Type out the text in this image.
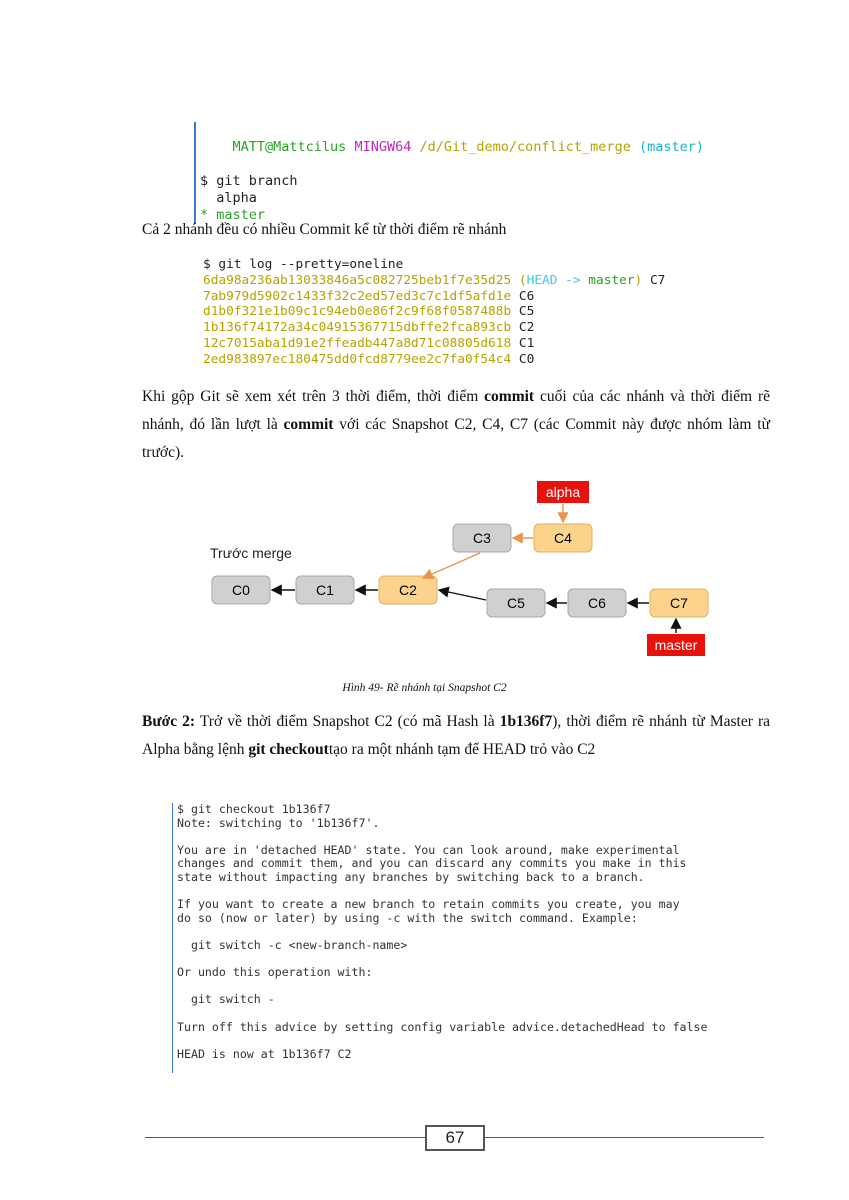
MATT@Mattcilus MINGW64 /d/Git_demo/conflict_merge (master)

$ git branch
alpha
* master
Cả 2 nhánh đều có nhiều Commit kể từ thời điểm rẽ nhánh
$ git log --pretty=oneline
6da98a236ab13033846a5c082725beb1f7e35d25 (HEAD -> master) C7
7ab979d5902c1433f32c2ed57ed3c7c1df5afd1e C6
d1b0f321e1b09c1c94eb0e86f2c9f68f0587488b C5
1b136f74172a34c04915367715dbffe2fca893cb C2
12c7015aba1d91e2ffeadb447a8d71c08805d618 C1
2ed983897ec180475dd0fcd8779ee2c7fa0f54c4 C0
Khi gộp Git sẽ xem xét trên 3 thời điểm, thời điểm commit cuối của các nhánh và thời điểm rẽ nhánh, đó lần lượt là commit với các Snapshot C2, C4, C7 (các Commit này được nhóm làm từ trước).
Trước merge
C0	C1	C2
C3	C4
C5	C6	C7
alpha
master
Hình 49- Rẽ nhánh tại Snapshot C2
Bước 2: Trở về thời điểm Snapshot C2 (có mã Hash là 1b136f7), thời điểm rẽ nhánh từ Master ra Alpha bằng lệnh git checkouttạo ra một nhánh tạm để HEAD trỏ vào C2
$ git checkout 1b136f7
Note: switching to '1b136f7'.
You are in 'detached HEAD' state. You can look around, make experimental
changes and commit them, and you can discard any commits you make in this
state without impacting any branches by switching back to a branch.
If you want to create a new branch to retain commits you create, you may
do so (now or later) by using -c with the switch command. Example:
git switch -c <new-branch-name>
Or undo this operation with:
git switch -
Turn off this advice by setting config variable advice.detachedHead to false
HEAD is now at 1b136f7 C2
67
